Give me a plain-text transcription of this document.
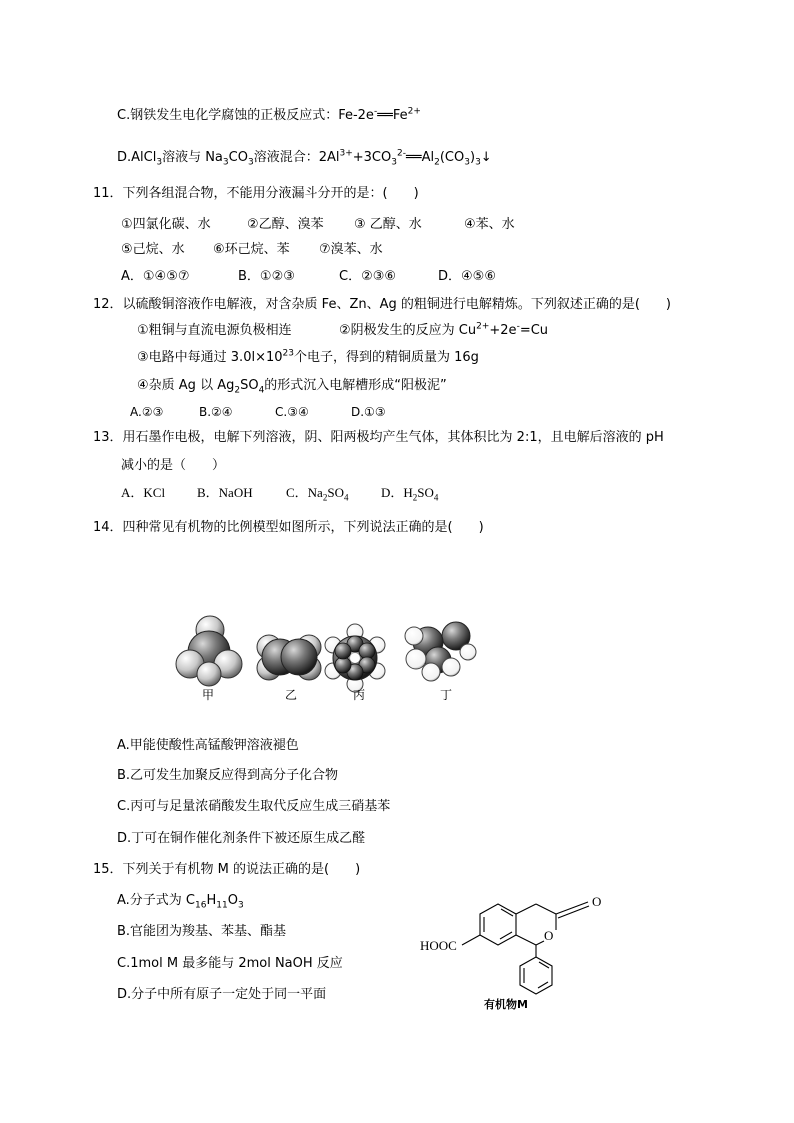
C.钢铁发生电化学腐蚀的正极反应式：$Fe-2e^-══Fe^{2+}$
D.AlCl$_3$溶液与 $Na_3CO_3$溶液混合：$2Al^{3+}+3CO_3^{2-}══Al_2(CO_3)_3↓$
11．下列各组混合物，不能用分液漏斗分开的是：(　　)
①四氯化碳、水	②乙醇、溴苯	③ 乙醇、水	④苯、水
⑤己烷、水	⑥环己烷、苯	⑦溴苯、水
A．①④⑤⑦	B．①②③	C．②③⑥	D．④⑤⑥
12．以硫酸铜溶液作电解液，对含杂质 Fe、Zn、Ag 的粗铜进行电解精炼。下列叙述正确的是(　　)
①粗铜与直流电源负极相连	②阴极发生的反应为 $Cu^{2+}+2e^-=Cu$
③电路中每通过 $3.0l\times 10^{23}$个电子，得到的精铜质量为 16g
④杂质 Ag 以 $Ag_2SO_4$的形式沉入电解槽形成“阳极泥”
A.②③	B.②④	C.③④	D.①③
13．用石墨作电极，电解下列溶液，阴、阳两极均产生气体，其体积比为 2:1，且电解后溶液的 pH
减小的是（　　）
A．KCl	B．NaOH	C．$Na_2SO_4$	D．$H_2SO_4$
14．四种常见有机物的比例模型如图所示，下列说法正确的是(　　)
甲	乙	丙	丁
A.甲能使酸性高锰酸钾溶液褪色
B.乙可发生加聚反应得到高分子化合物
C.丙可与足量浓硝酸发生取代反应生成三硝基苯
D.丁可在铜作催化剂条件下被还原生成乙醛
15．下列关于有机物 M 的说法正确的是(　　)
A.分子式为 $C_{16}H_{11}O_3$
B.官能团为羧基、苯基、酯基
C.1mol M 最多能与 2mol NaOH 反应
D.分子中所有原子一定处于同一平面
O
O
HOOC
有机物M
